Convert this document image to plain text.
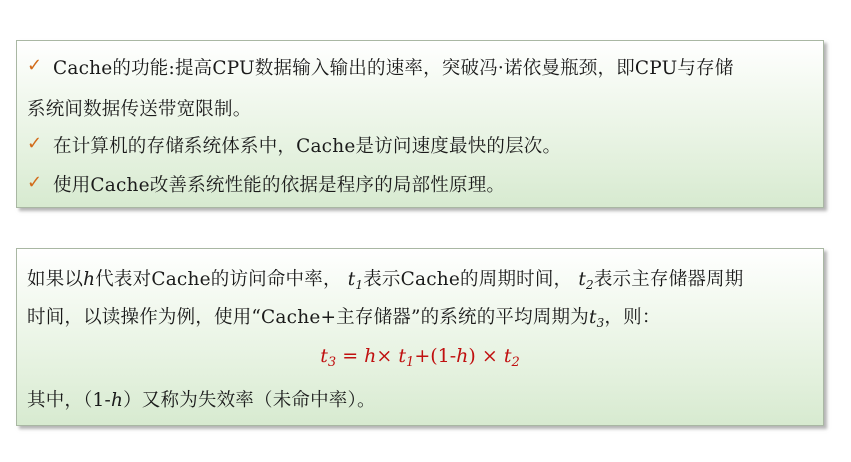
✓ Cache的功能:提高CPU数据输入输出的速率，突破冯·诺依曼瓶颈，即CPU与存储
系统间数据传送带宽限制。
✓ 在计算机的存储系统体系中，Cache是访问速度最快的层次。
✓ 使用Cache改善系统性能的依据是程序的局部性原理。
如果以h代表对Cache的访问命中率， $t_1$表示Cache的周期时间， $t_2$表示主存储器周期
时间，以读操作为例，使用“Cache+主存储器”的系统的平均周期为$t_3$，则：
$t_3 = h\times t_1+(1-h) \times t_2$
其中，（1-h）又称为失效率（未命中率）。
